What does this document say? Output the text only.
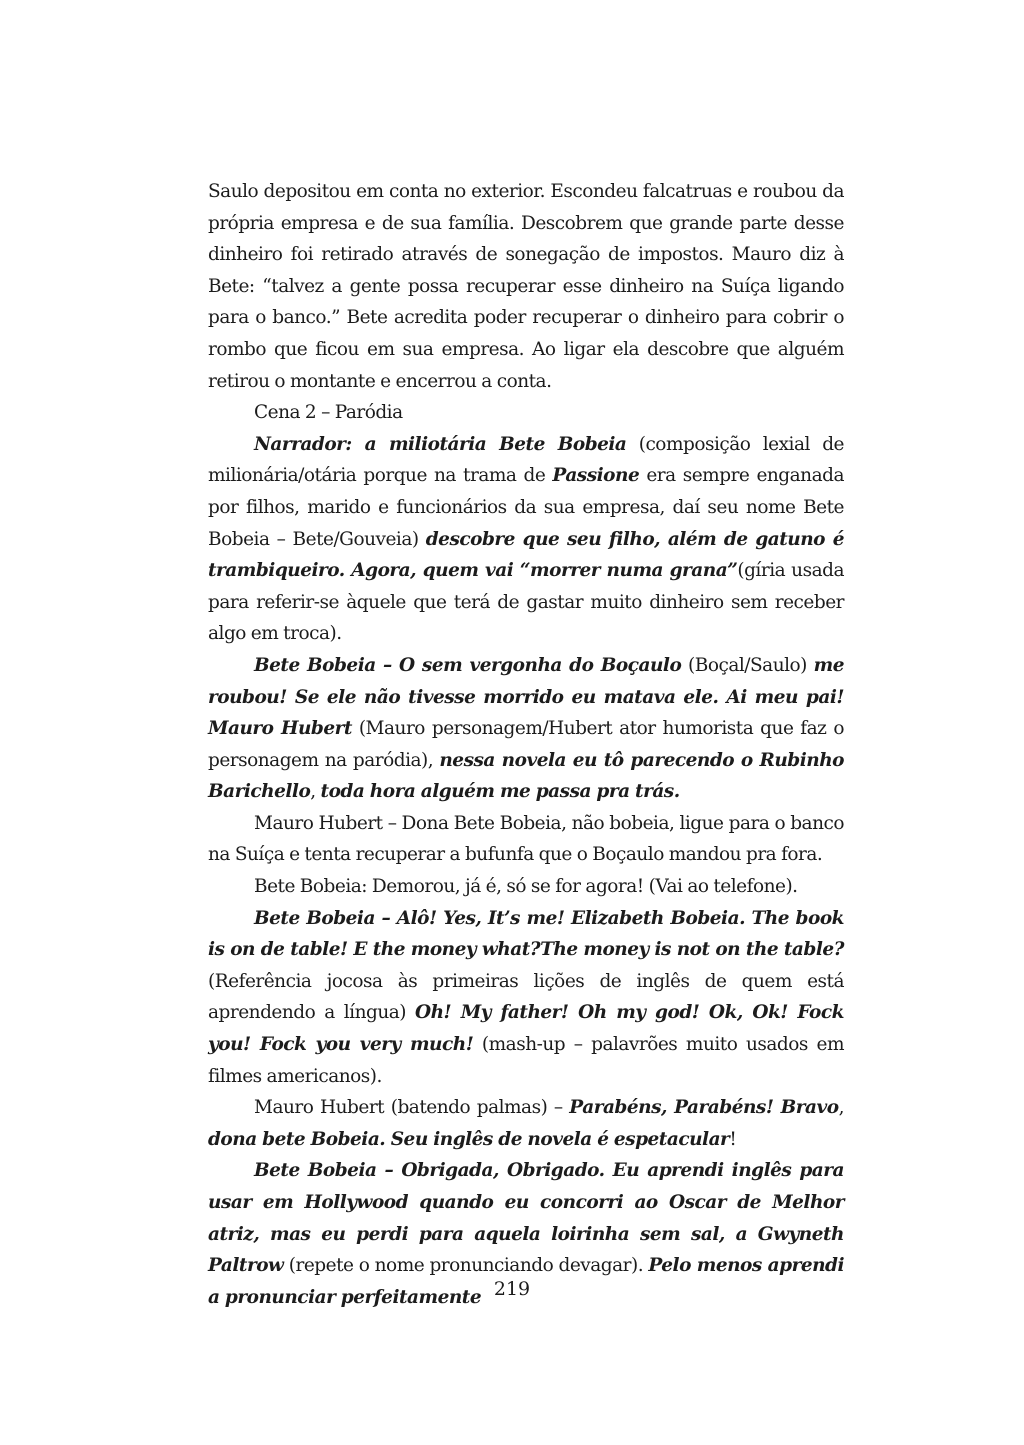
Saulo depositou em conta no exterior. Escondeu falcatruas e roubou da própria empresa e de sua família. Descobrem que grande parte desse dinheiro foi retirado através de sonegação de impostos. Mauro diz à Bete: “talvez a gente possa recuperar esse dinheiro na Suíça ligando para o banco.” Bete acredita poder recuperar o dinheiro para cobrir o rombo que ficou em sua empresa. Ao ligar ela descobre que alguém retirou o montante e encerrou a conta.

Cena 2 – Paródia

Narrador: a miliotária Bete Bobeia (composição lexial de milionária/otária porque na trama de Passione era sempre enganada por filhos, marido e funcionários da sua empresa, daí seu nome Bete Bobeia – Bete/Gouveia) descobre que seu filho, além de gatuno é trambiqueiro. Agora, quem vai “morrer numa grana”(gíria usada para referir-se àquele que terá de gastar muito dinheiro sem receber algo em troca).

Bete Bobeia – O sem vergonha do Boçaulo (Boçal/Saulo) me roubou! Se ele não tivesse morrido eu matava ele. Ai meu pai! Mauro Hubert (Mauro personagem/Hubert ator humorista que faz o personagem na paródia), nessa novela eu tô parecendo o Rubinho Barichello, toda hora alguém me passa pra trás.

Mauro Hubert – Dona Bete Bobeia, não bobeia, ligue para o banco na Suíça e tenta recuperar a bufunfa que o Boçaulo mandou pra fora.

Bete Bobeia: Demorou, já é, só se for agora! (Vai ao telefone).

Bete Bobeia – Alô! Yes, It’s me! Elizabeth Bobeia. The book is on de table! E the money what?The money is not on the table? (Referência jocosa às primeiras lições de inglês de quem está aprendendo a língua) Oh! My father! Oh my god! Ok, Ok! Fock you! Fock you very much! (mash-up – palavrões muito usados em filmes americanos).

Mauro Hubert (batendo palmas) – Parabéns, Parabéns! Bravo, dona bete Bobeia. Seu inglês de novela é espetacular!

Bete Bobeia – Obrigada, Obrigado. Eu aprendi inglês para usar em Hollywood quando eu concorri ao Oscar de Melhor atriz, mas eu perdi para aquela loirinha sem sal, a Gwyneth Paltrow (repete o nome pronunciando devagar). Pelo menos aprendi a pronunciar perfeitamente 219
